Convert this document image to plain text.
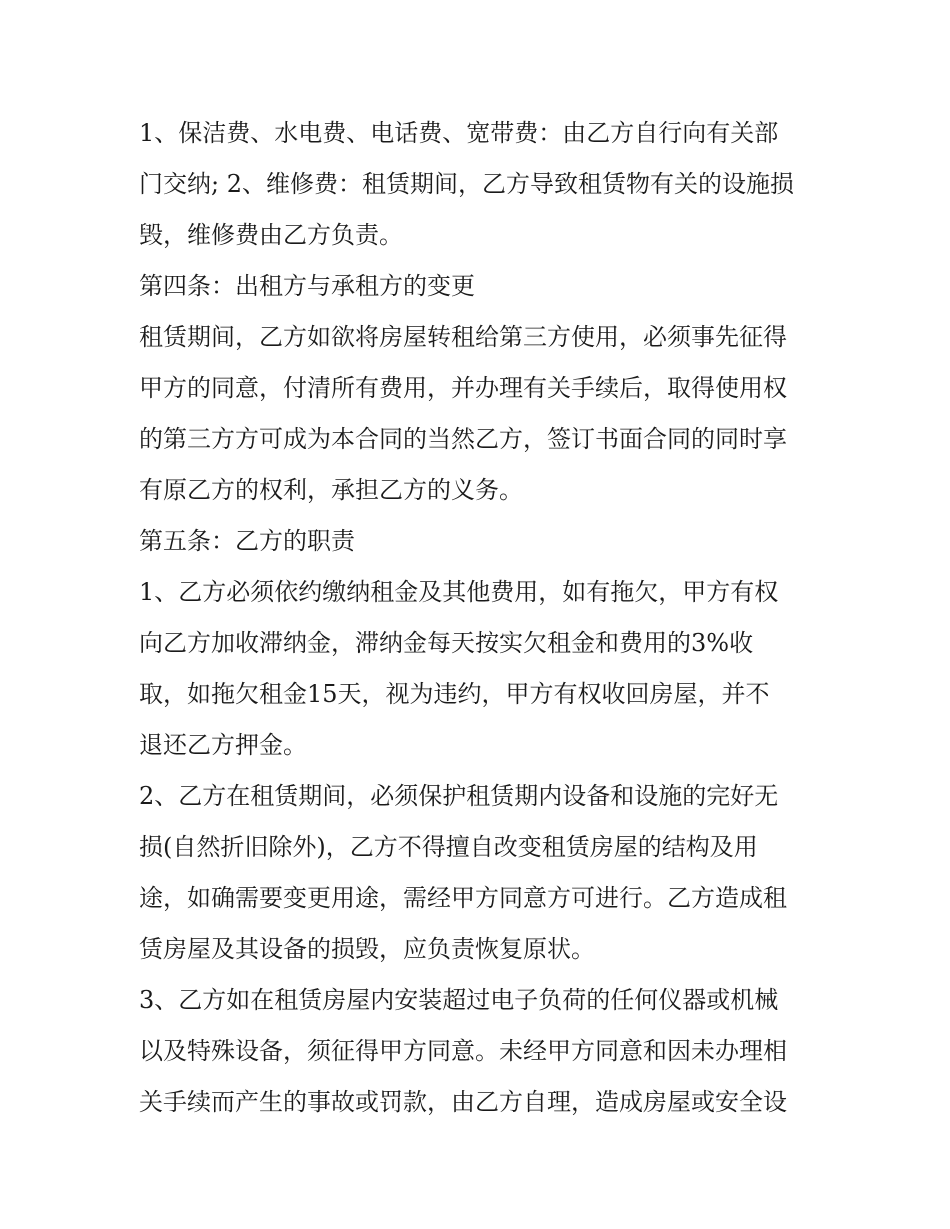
1、保洁费、水电费、电话费、宽带费：由乙方自行向有关部
门交纳; 2、维修费：租赁期间，乙方导致租赁物有关的设施损
毁，维修费由乙方负责。
第四条：出租方与承租方的变更
租赁期间，乙方如欲将房屋转租给第三方使用，必须事先征得
甲方的同意，付清所有费用，并办理有关手续后，取得使用权
的第三方方可成为本合同的当然乙方，签订书面合同的同时享
有原乙方的权利，承担乙方的义务。
第五条：乙方的职责
1、乙方必须依约缴纳租金及其他费用，如有拖欠，甲方有权
向乙方加收滞纳金，滞纳金每天按实欠租金和费用的3%收
取，如拖欠租金15天，视为违约，甲方有权收回房屋，并不
退还乙方押金。
2、乙方在租赁期间，必须保护租赁期内设备和设施的完好无
损(自然折旧除外)，乙方不得擅自改变租赁房屋的结构及用
途，如确需要变更用途，需经甲方同意方可进行。乙方造成租
赁房屋及其设备的损毁，应负责恢复原状。
3、乙方如在租赁房屋内安装超过电子负荷的任何仪器或机械
以及特殊设备，须征得甲方同意。未经甲方同意和因未办理相
关手续而产生的事故或罚款，由乙方自理，造成房屋或安全设
